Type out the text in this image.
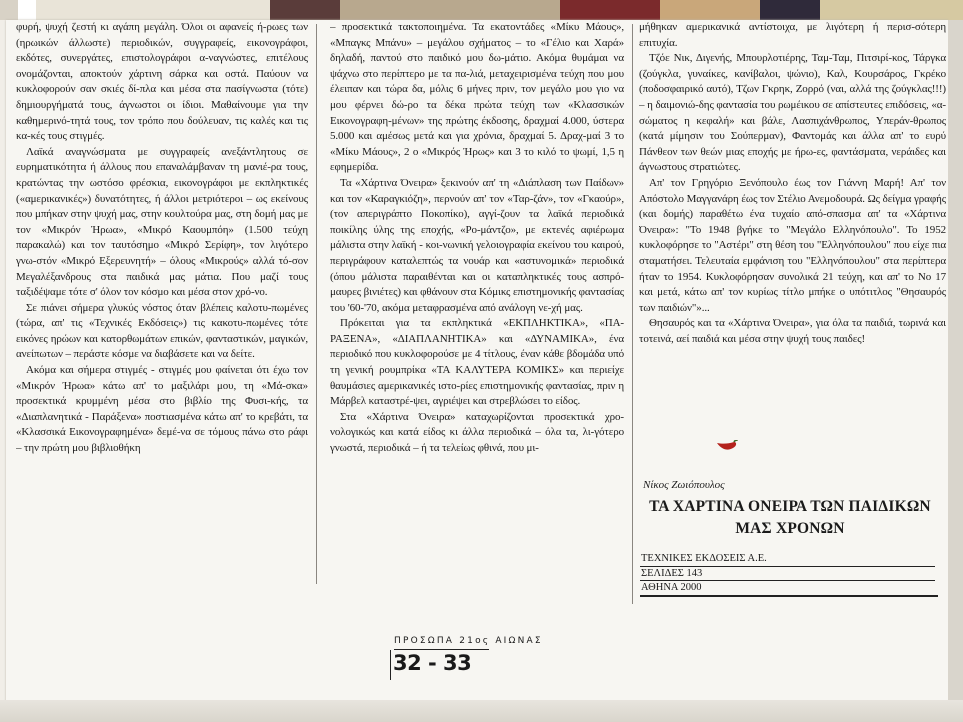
φυρή, ψυχή ζεστή κι αγάπη μεγάλη. Όλοι οι αφανείς ή-ρωες των (ηρωικών άλλωστε) περιοδικών, συγγραφείς, εικονογράφοι, εκδότες, συνεργάτες, επιστολογράφοι α-ναγνώστες, επιτέλους ονομάζονται, αποκτούν χάρτινη σάρκα και οστά. Παύουν να κυκλοφορούν σαν σκιές δί-πλα και μέσα στα πασίγνωστα (τότε) δημιουργήματά τους, άγνωστοι οι ίδιοι. Μαθαίνουμε για την καθημερινό-τητά τους, τον τρόπο που δούλευαν, τις καλές και τις κα-κές τους στιγμές.

Λαϊκά αναγνώσματα με συγγραφείς ανεξάντλητους σε ευρηματικότητα ή άλλους που επαναλάμβαναν τη μανιέ-ρα τους, κρατώντας την ωστόσο φρέσκια, εικονογράφοι με εκπληκτικές («αμερικανικές») δυνατότητες, ή άλλοι μετριότεροι – ως εκείνους που μπήκαν στην ψυχή μας, στην κουλτούρα μας, στη δομή μας με τον «Μικρόν Ήρωα», «Μικρό Καουμπόη» (1.500 τεύχη παρακαλώ) και τον ταυτόσημο «Μικρό Σερίφη», τον λιγότερο γνω-στόν «Μικρό Εξερευνητή» – όλους «Μικρούς» αλλά τό-σον Μεγαλέξανδρους στα παιδικά μας μάτια. Που μαζί τους ταξιδέψαμε τότε σ' όλον τον κόσμο και μέσα στον χρό-νο.

Σε πιάνει σήμερα γλυκύς νόστος όταν βλέπεις καλοτυ-πωμένες (τώρα, απ' τις «Τεχνικές Εκδόσεις») τις κακοτυ-πωμένες τότε εικόνες ηρώων και κατορθωμάτων επικών, φανταστικών, μαγικών, ανείπωτων – περάστε κόσμε να διαβάσετε και να δείτε.

Ακόμα και σήμερα στιγμές - στιγμές μου φαίνεται ότι έχω τον «Μικρόν Ήρωα» κάτω απ' το μαξιλάρι μου, τη «Μά-σκα» προσεκτικά κρυμμένη μέσα στο βιβλίο της Φυσι-κής, τα «Διαπλανητικά - Παράξενα» ποστιασμένα κάτω απ' το κρεβάτι, τα «Κλασσικά Εικονογραφημένα» δεμέ-να σε τόμους πάνω στο ράφι – την πρώτη μου βιβλιοθήκη

– προσεκτικά τακτοποιημένα. Τα εκατοντάδες «Μίκυ Μάους», «Μπαγκς Μπάνυ» – μεγάλου σχήματος – το «Γέλιο και Χαρά» δηλαδή, παντού στο παιδικό μου δω-μάτιο. Ακόμα θυμάμαι να ψάχνω στο περίπτερο με τα πα-λιά, μεταχειρισμένα τεύχη που μου έλειπαν και τώρα δα, μόλις 6 μήνες πριν, τον μεγάλο μου γιο να μου φέρνει δώ-ρο τα δέκα πρώτα τεύχη των «Κλασσικών Εικονογραφη-μένων» της πρώτης έκδοσης, δραχμαί 4.000, ύστερα 5.000 και αμέσως μετά και για χρόνια, δραχμαί 5. Δραχ-μαί 3 το «Μίκυ Μάους», 2 ο «Μικρός Ήρως» και 3 το κιλό το ψωμί, 1,5 η εφημερίδα.

Τα «Χάρτινα Όνειρα» ξεκινούν απ' τη «Διάπλαση των Παίδων» και τον «Καραγκιόζη», περνούν απ' τον «Ταρ-ζάν», τον «Γκαούρ», (τον απεριγράπτο Ποκοπίκο), αγγί-ζουν τα λαϊκά περιοδικά ποικίλης ύλης της εποχής, «Ρο-μάντζο», με εκτενές αφιέρωμα μάλιστα στην λαϊκή - κοι-νωνική γελοιογραφία εκείνου του καιρού, περιγράφουν καταλεπτώς τα νουάρ και «αστυνομικά» περιοδικά (όπου μάλιστα παραιθένται και οι καταπληκτικές τους ασπρό-μαυρες βινιέτες) και φθάνουν στα Κόμικς επιστημονικής φαντασίας του '60-'70, ακόμα μεταφρασμένα από ανάλογη νε-χή μας.

Πρόκειται για τα εκπληκτικά «ΕΚΠΛΗΚΤΙΚΑ», «ΠΑ-ΡΑΞΕΝΑ», «ΔΙΑΠΛΑΝΗΤΙΚΑ» και «ΔΥΝΑΜΙΚΑ», ένα περιοδικό που κυκλοφορούσε με 4 τίτλους, έναν κάθε βδομάδα υπό τη γενική ρουμπρίκα «ΤΑ ΚΑΛΥΤΕΡΑ ΚΟΜΙΚΣ» και περιείχε θαυμάσιες αμερικανικές ιστο-ρίες επιστημονικής φαντασίας, πριν η Μάρβελ καταστρέ-ψει, αγριέψει και στρεβλώσει το είδος.

Στα «Χάρτινα Όνειρα» καταχωρίζονται προσεκτικά χρο-νολογικώς και κατά είδος κι άλλα περιοδικά – όλα τα, λι-γότερο γνωστά, περιοδικά – ή τα τελείως φθινά, που μι-

μήθηκαν αμερικανικά αντίστοιχα, με λιγότερη ή περισ-σότερη επιτυχία.

Τζόε Νικ, Διγενής, Μπουρλοτιέρης, Ταμ-Ταμ, Πιτσιρί-κος, Τάργκα (ζούγκλα, γυναίκες, κανίβαλοι, ψώνιο), Καλ, Κουρσάρος, Γκρέκο (ποδοσφαιρικό αυτό), Τζων Γκρηκ, Ζορρό (ναι, αλλά της ζούγκλας!!!) – η δαιμονιώ-δης φαντασία του ρωμέικου σε απίστευτες επιδόσεις, «α-σώματος η κεφαλή» και βάλε, Λασπιχάνθρωπος, Υπεράν-θρωπος (κατά μίμησιν του Σούπερμαν), Φαντομάς και άλλα απ' το ευρύ Πάνθεον των θεών μιας εποχής με ήρω-ες, φαντάσματα, νεράιδες και άγνωστους στρατιώτες.

Απ' τον Γρηγόριο Ξενόπουλο έως τον Γιάννη Μαρή! Απ' τον Απόστολο Μαγγανάρη έως τον Στέλιο Ανεμοδουρά. Ως δείγμα γραφής (και δομής) παραθέτω ένα τυχαίο από-σπασμα απ' τα «Χάρτινα Όνειρα»: "Το 1948 βγήκε το "Μεγάλο Ελληνόπουλο". Το 1952 κυκλοφόρησε το "Αστέρι" στη θέση του "Ελληνόπουλου" που είχε πια σταματήσει. Τελευταία εμφάνιση του "Ελληνόπουλου" στα περίπτερα ήταν το 1954. Κυκλοφόρησαν συνολικά 21 τεύχη, και απ' το Νο 17 και μετά, κάτω απ' τον κυρίως τίτλο μπήκε ο υπότιτλος "Θησαυρός των παιδιών"»...

Θησαυρός και τα «Χάρτινα Όνειρα», για όλα τα παιδιά, τωρινά και τοτεινά, αεί παιδιά και μέσα στην ψυχή τους παιδες!

Νίκος Ζωιόπουλος
ΤΑ ΧΑΡΤΙΝΑ ΟΝΕΙΡΑ ΤΩΝ ΠΑΙΔΙΚΩΝ
ΜΑΣ ΧΡΟΝΩΝ
ΤΕΧΝΙΚΕΣ ΕΚΔΟΣΕΙΣ Α.Ε.
ΣΕΛΙΔΕΣ 143
ΑΘΗΝΑ 2000
ΠΡΟΣΩΠΑ 21ος ΑΙΩΝΑΣ
32 - 33
